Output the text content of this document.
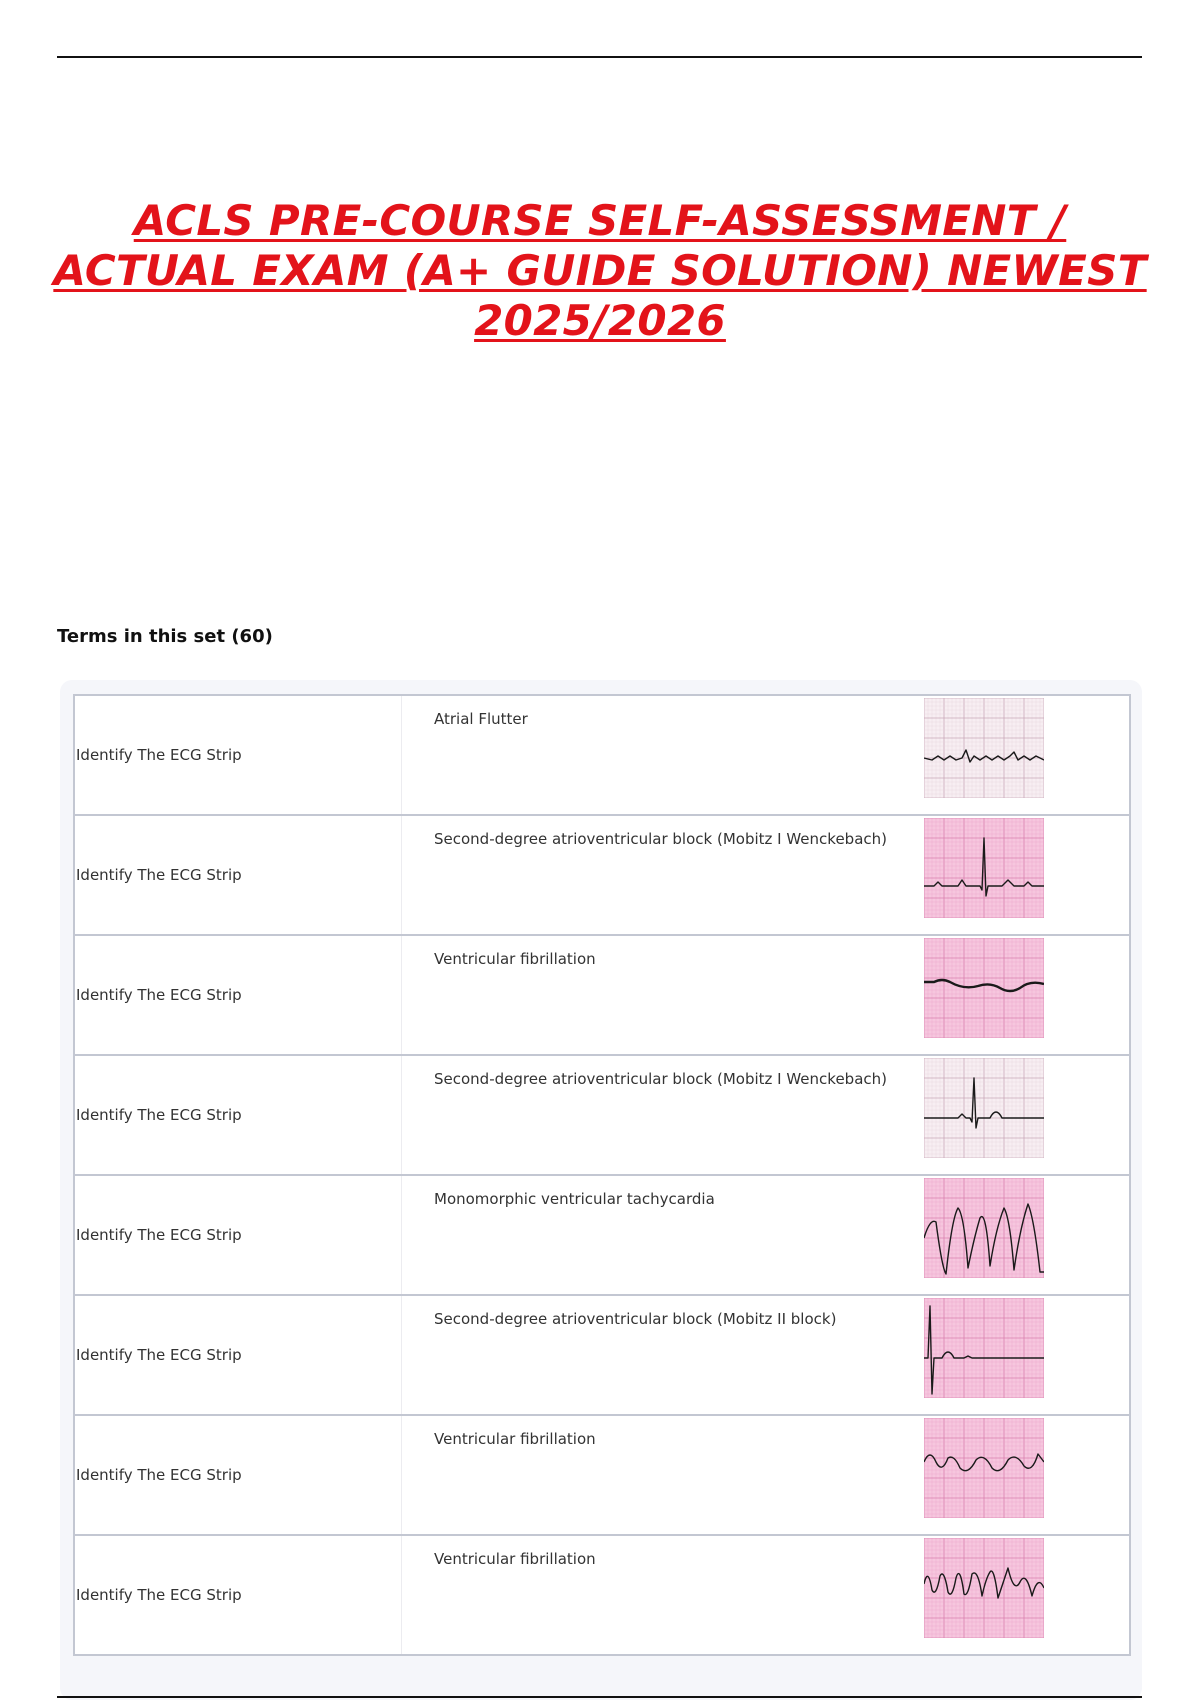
ACLS PRE-COURSE SELF-ASSESSMENT /
ACTUAL EXAM (A+ GUIDE SOLUTION) NEWEST
2025/2026
Terms in this set (60)
Identify The ECG Strip
Atrial Flutter
Identify The ECG Strip
Second-degree atrioventricular block (Mobitz I Wenckebach)
Identify The ECG Strip
Ventricular fibrillation
Identify The ECG Strip
Second-degree atrioventricular block (Mobitz I Wenckebach)
Identify The ECG Strip
Monomorphic ventricular tachycardia
Identify The ECG Strip
Second-degree atrioventricular block (Mobitz II block)
Identify The ECG Strip
Ventricular fibrillation
Identify The ECG Strip
Ventricular fibrillation
